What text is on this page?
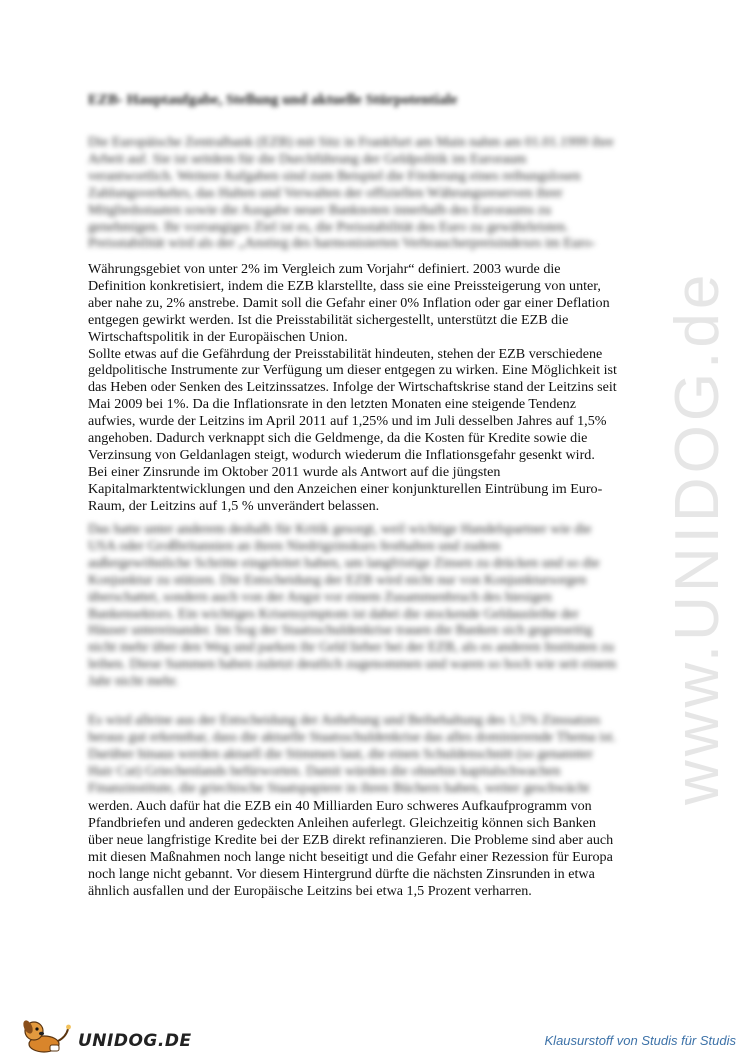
www.UNIDOG.de
EZB- Hauptaufgabe, Stellung und aktuelle Stürpotentiale
Die Europäische Zentralbank (EZB) mit Sitz in Frankfurt am Main nahm am 01.01.1999 ihre
Arbeit auf. Sie ist seitdem für die Durchführung der Geldpolitik im Euroraum
verantwortlich. Weitere Aufgaben sind zum Beispiel die Förderung eines reibungslosen
Zahlungsverkehrs, das Halten und Verwalten der offiziellen Währungsreserven ihrer
Mitgliedsstaaten sowie die Ausgabe neuer Banknoten innerhalb des Euroraums zu
genehmigen. Ihr vorrangiges Ziel ist es, die Preisstabilität des Euro zu gewährleisten.
Preisstabilität wird als der „Anstieg des harmonisierten Verbraucherpreisindexes im Euro-
Währungsgebiet von unter 2% im Vergleich zum Vorjahr“ definiert. 2003 wurde die
Definition konkretisiert, indem die EZB klarstellte, dass sie eine Preissteigerung von unter,
aber nahe zu, 2% anstrebe. Damit soll die Gefahr einer 0% Inflation oder gar einer Deflation
entgegen gewirkt werden. Ist die Preisstabilität sichergestellt, unterstützt die EZB die
Wirtschaftspolitik in der Europäischen Union.
Sollte etwas auf die Gefährdung der Preisstabilität hindeuten, stehen der EZB verschiedene
geldpolitische Instrumente zur Verfügung um dieser entgegen zu wirken. Eine Möglichkeit ist
das Heben oder Senken des Leitzinssatzes. Infolge der Wirtschaftskrise stand der Leitzins seit
Mai 2009 bei 1%. Da die Inflationsrate in den letzten Monaten eine steigende Tendenz
aufwies, wurde der Leitzins im April 2011 auf 1,25% und im Juli desselben Jahres auf 1,5%
angehoben. Dadurch verknappt sich die Geldmenge, da die Kosten für Kredite sowie die
Verzinsung von Geldanlagen steigt, wodurch wiederum die Inflationsgefahr gesenkt wird.
Bei einer Zinsrunde im Oktober 2011 wurde als Antwort auf die jüngsten
Kapitalmarktentwicklungen und den Anzeichen einer konjunkturellen Eintrübung im Euro-
Raum, der Leitzins auf 1,5 % unverändert belassen.
Das hatte unter anderem deshalb für Kritik gesorgt, weil wichtige Handelspartner wie die
USA oder Großbritannien an ihren Niedrigzinskurs festhalten und zudem
außergewöhnliche Schritte eingeleitet haben, um langfristige Zinsen zu drücken und so die
Konjunktur zu stützen. Die Entscheidung der EZB wird nicht nur von Konjunktursorgen
überschattet, sondern auch von der Angst vor einem Zusammenbruch des hiesigen
Bankensektors. Ein wichtiges Krisensymptom ist dabei die stockende Geldausleihe der
Häuser untereinander. Im Sog der Staatsschuldenkrise trauen die Banken sich gegenseitig
nicht mehr über den Weg und parken ihr Geld lieber bei der EZB, als es anderen Instituten zu
leihen. Diese Summen haben zuletzt deutlich zugenommen und waren so hoch wie seit einem
Jahr nicht mehr.
Es wird alleine aus der Entscheidung der Anhebung und Beibehaltung des 1,5% Zinssatzes
heraus gut erkennbar, dass die aktuelle Staatsschuldenkrise das alles dominierende Thema ist.
Darüber hinaus werden aktuell die Stimmen laut, die einen Schuldenschnitt (so genannter
Hair Cut) Griechenlands befürworten. Damit würden die ohnehin kapitalschwachen
Finanzinstitute, die griechische Staatspapiere in ihren Büchern haben, weiter geschwächt
werden. Auch dafür hat die EZB ein 40 Milliarden Euro schweres Aufkaufprogramm von
Pfandbriefen und anderen gedeckten Anleihen auferlegt. Gleichzeitig können sich Banken
über neue langfristige Kredite bei der EZB direkt refinanzieren. Die Probleme sind aber auch
mit diesen Maßnahmen noch lange nicht beseitigt und die Gefahr einer Rezession für Europa
noch lange nicht gebannt. Vor diesem Hintergrund dürfte die nächsten Zinsrunden in etwa
ähnlich ausfallen und der Europäische Leitzins bei etwa 1,5 Prozent verharren.
UNIDOG.DE	Klausurstoff von Studis für Studis
